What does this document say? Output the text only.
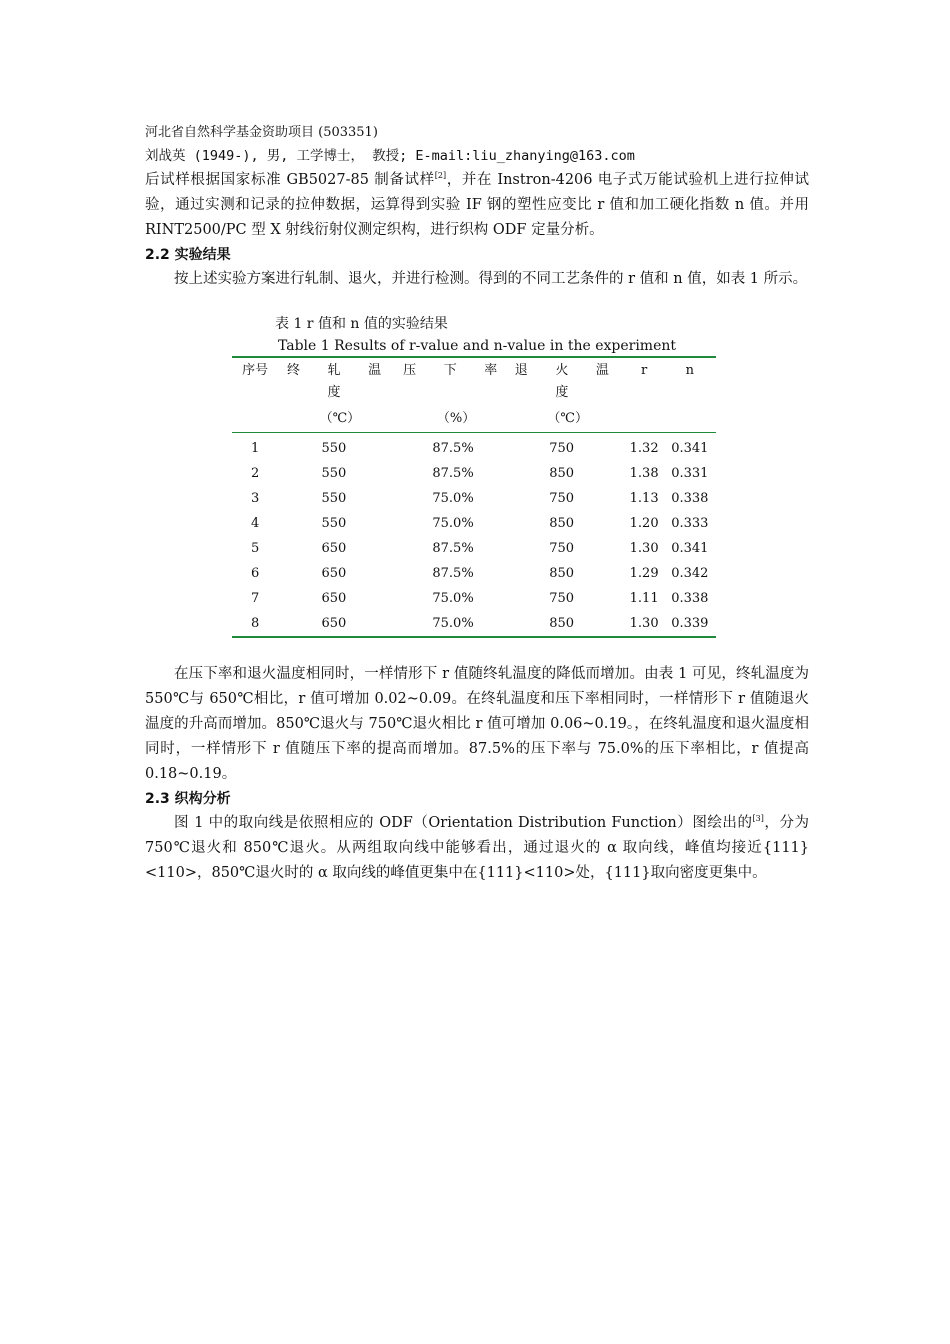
河北省自然科学基金资助项目 (503351)
刘战英 (1949-), 男, 工学博士， 教授; E-mail:liu_zhanying@163.com

后试样根据国家标准 GB5027-85 制备试样[2]，并在 Instron-4206 电子式万能试验机上进行拉伸试验，通过实测和记录的拉伸数据，运算得到实验 IF 钢的塑性应变比 r 值和加工硬化指数 n 值。并用 RINT2500/PC 型 X 射线衍射仪测定织构，进行织构 ODF 定量分析。

2.2 实验结果

按上述实验方案进行轧制、退火，并进行检测。得到的不同工艺条件的 r 值和 n 值，如表 1 所示。

表 1 r 值和 n 值的实验结果
Table 1 Results of r-value and n-value in the experiment
序号	终 轧 温 度	压 下 率	退 火 温 度	r	n
	（℃）	（%）	（℃）		
1	550	87.5%	750	1.32	0.341
2	550	87.5%	850	1.38	0.331
3	550	75.0%	750	1.13	0.338
4	550	75.0%	850	1.20	0.333
5	650	87.5%	750	1.30	0.341
6	650	87.5%	850	1.29	0.342
7	650	75.0%	750	1.11	0.338
8	650	75.0%	850	1.30	0.339

在压下率和退火温度相同时，一样情形下 r 值随终轧温度的降低而增加。由表 1 可见，终轧温度为 550℃与 650℃相比，r 值可增加 0.02~0.09。在终轧温度和压下率相同时，一样情形下 r 值随退火温度的升高而增加。850℃退火与 750℃退火相比 r 值可增加 0.06~0.19。，在终轧温度和退火温度相同时，一样情形下 r 值随压下率的提高而增加。87.5%的压下率与 75.0%的压下率相比，r 值提高 0.18~0.19。

2.3 织构分析

图 1 中的取向线是依照相应的 ODF（Orientation Distribution Function）图绘出的[3]，分为 750℃退火和 850℃退火。从两组取向线中能够看出，通过退火的 α 取向线，峰值均接近{111}<110>，850℃退火时的 α 取向线的峰值更集中在{111}<110>处，{111}取向密度更集中。
